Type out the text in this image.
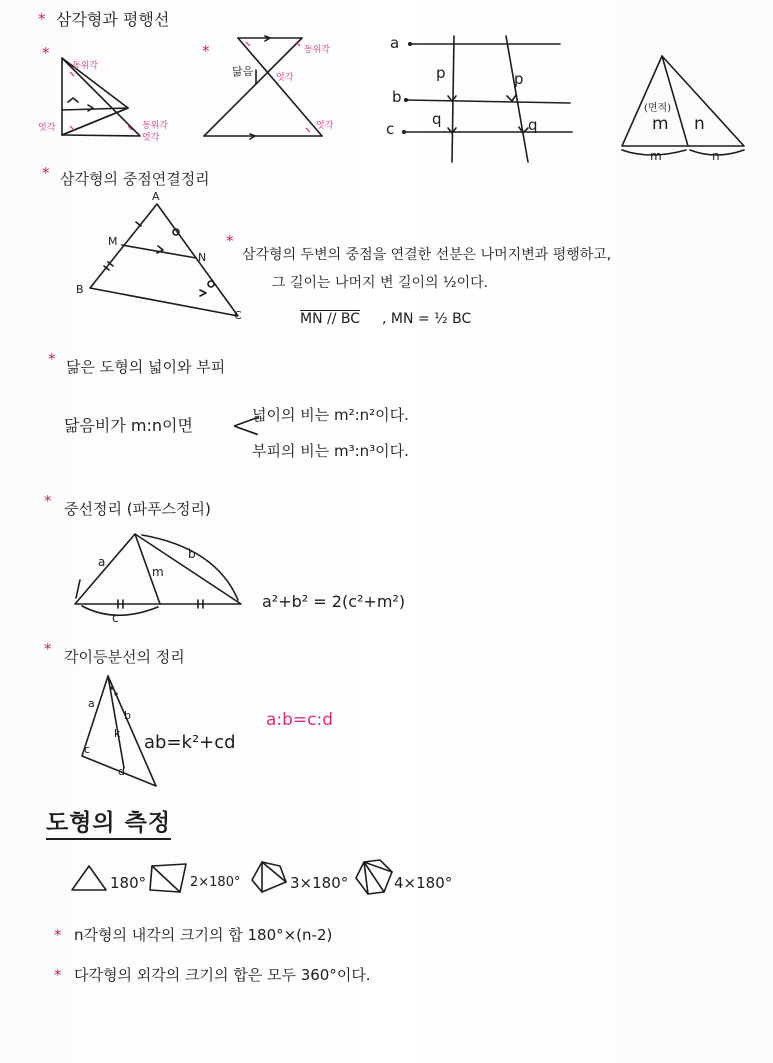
* 삼각형과 평행선
*
동위각
엇각	동위각
엇각
*
닮음
동위각
엇각
엇각
a
b
c
p
q
p
q
(면적)
m n
m	n
* 삼각형의 중점연결정리
A
M
N
B
C
*
삼각형의 두변의 중점을 연결한 선분은 나머지변과 평행하고,
그 길이는 나머지 변 길이의 ½이다.
MN // BC , MN = ½ BC
* 닮은 도형의 넓이와 부피
닮음비가 m:n이면 <
넓이의 비는 m²:n²이다.
부피의 비는 m³:n³이다.
* 중선정리 (파푸스정리)
a
b
m
c
a²+b² = 2(c²+m²)
* 각이등분선의 정리
a
b
k
c
d
ab=k²+cd
a:b=c:d
도형의 측정
180°	2×180°	3×180°	4×180°
* n각형의 내각의 크기의 합 180°×(n-2)
* 다각형의 외각의 크기의 합은 모두 360°이다.
